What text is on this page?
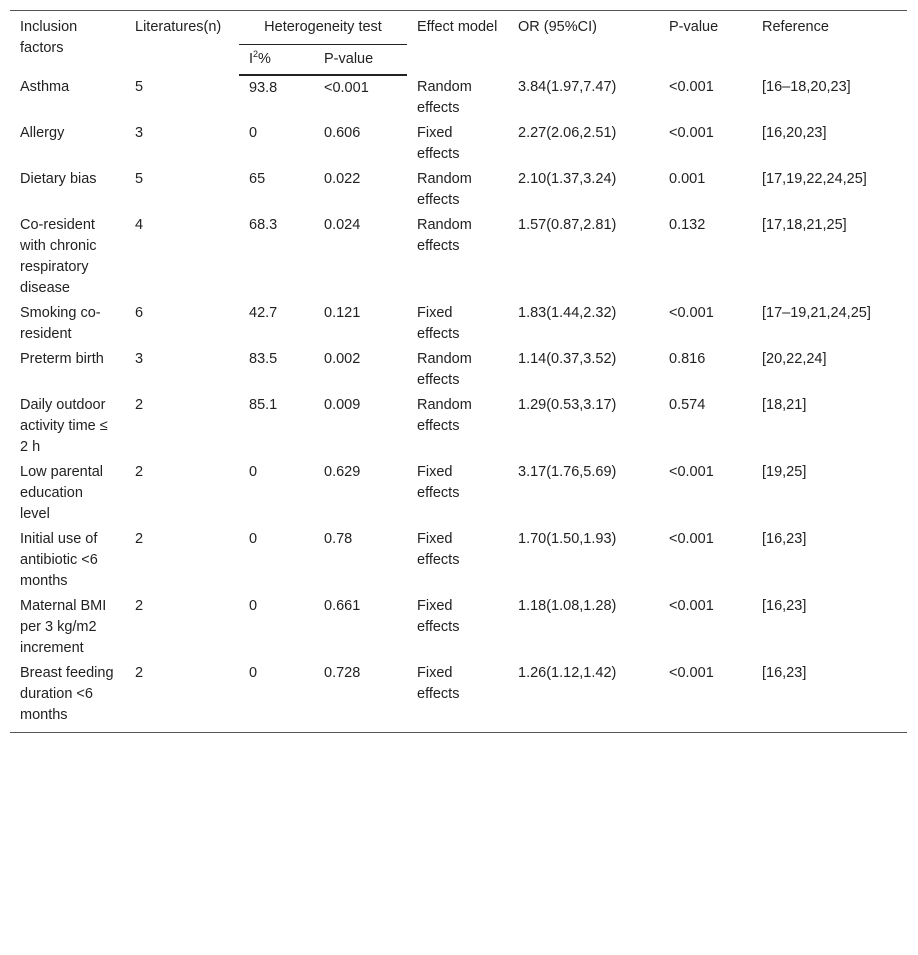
Inclusion factors	Literatures(n)	Heterogeneity test		Effect model	OR (95%CI)	P-value	Reference
		$I^2\%$	P-value				
Asthma	5	93.8	<0.001	Random effects	3.84(1.97,7.47)	<0.001	[16–18,20,23]
Allergy	3	0	0.606	Fixed effects	2.27(2.06,2.51)	<0.001	[16,20,23]
Dietary bias	5	65	0.022	Random effects	2.10(1.37,3.24)	0.001	[17,19,22,24,25]
Co-resident with chronic respiratory disease	4	68.3	0.024	Random effects	1.57(0.87,2.81)	0.132	[17,18,21,25]
Smoking co-resident	6	42.7	0.121	Fixed effects	1.83(1.44,2.32)	<0.001	[17–19,21,24,25]
Preterm birth	3	83.5	0.002	Random effects	1.14(0.37,3.52)	0.816	[20,22,24]
Daily outdoor activity time ≤ 2 h	2	85.1	0.009	Random effects	1.29(0.53,3.17)	0.574	[18,21]
Low parental education level	2	0	0.629	Fixed effects	3.17(1.76,5.69)	<0.001	[19,25]
Initial use of antibiotic <6 months	2	0	0.78	Fixed effects	1.70(1.50,1.93)	<0.001	[16,23]
Maternal BMI per 3 kg/m2 increment	2	0	0.661	Fixed effects	1.18(1.08,1.28)	<0.001	[16,23]
Breast feeding duration <6 months	2	0	0.728	Fixed effects	1.26(1.12,1.42)	<0.001	[16,23]
